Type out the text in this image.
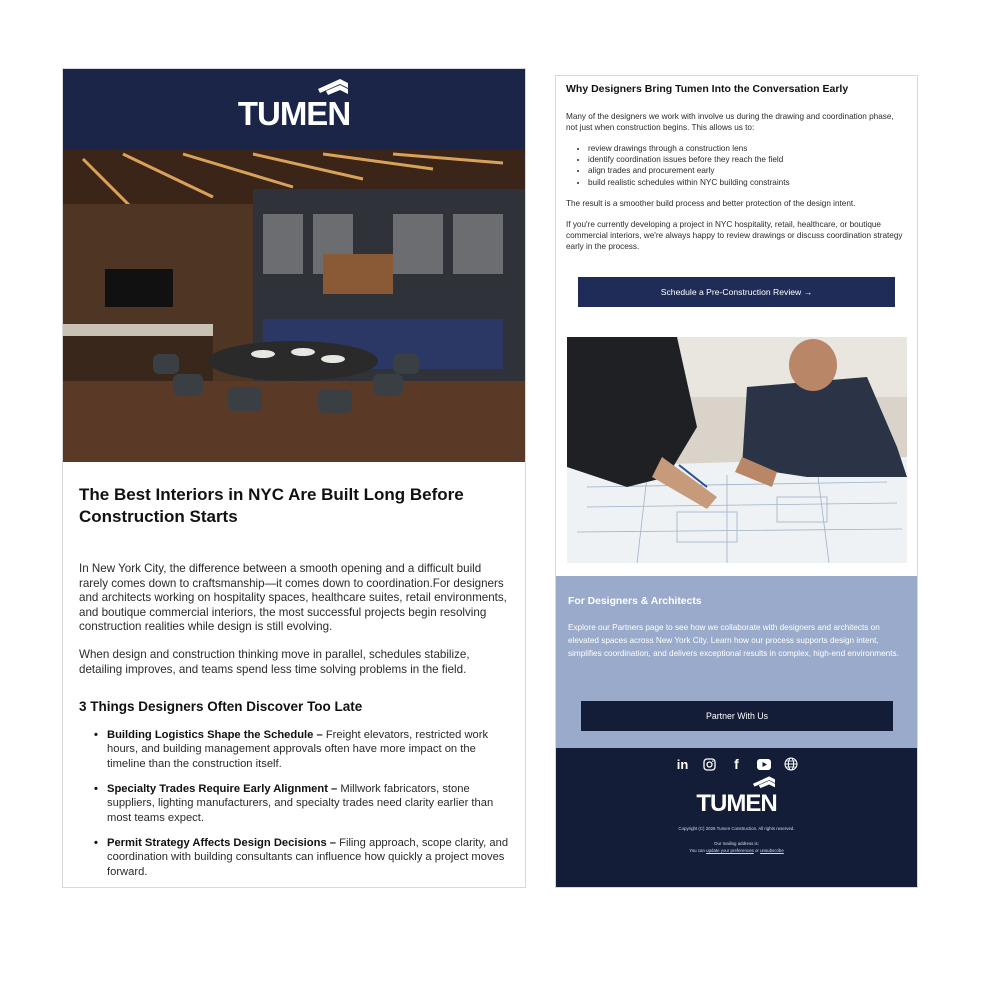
TUMEN
The Best Interiors in NYC Are Built Long Before Construction Starts

In New York City, the difference between a smooth opening and a difficult build rarely comes down to craftsmanship—it comes down to coordination.For designers and architects working on hospitality spaces, healthcare suites, retail environments, and boutique commercial interiors, the most successful projects begin resolving construction realities while design is still evolving.

When design and construction thinking move in parallel, schedules stabilize, detailing improves, and teams spend less time solving problems in the field.

3 Things Designers Often Discover Too Late
• Building Logistics Shape the Schedule – Freight elevators, restricted work hours, and building management approvals often have more impact on the timeline than the construction itself.
• Specialty Trades Require Early Alignment – Millwork fabricators, stone suppliers, lighting manufacturers, and specialty trades need clarity earlier than most teams expect.
• Permit Strategy Affects Design Decisions – Filing approach, scope clarity, and coordination with building consultants can influence how quickly a project moves forward.
Why Designers Bring Tumen Into the Conversation Early

Many of the designers we work with involve us during the drawing and coordination phase, not just when construction begins. This allows us to:

• review drawings through a construction lens
• identify coordination issues before they reach the field
• align trades and procurement early
• build realistic schedules within NYC building constraints

The result is a smoother build process and better protection of the design intent.

If you're currently developing a project in NYC hospitality, retail, healthcare, or boutique commercial interiors, we're always happy to review drawings or discuss coordination strategy early in the process.

Schedule a Pre-Construction Review →
For Designers & Architects
Explore our Partners page to see how we collaborate with designers and architects on elevated spaces across New York City. Learn how our process supports design intent, simplifies coordination, and delivers exceptional results in complex, high-end environments.
Partner With Us
in	f
TUMEN
Copyright (C) 2026 Tumen Construction. All rights reserved.
Our mailing address is:
You can update your preferences or unsubscribe
